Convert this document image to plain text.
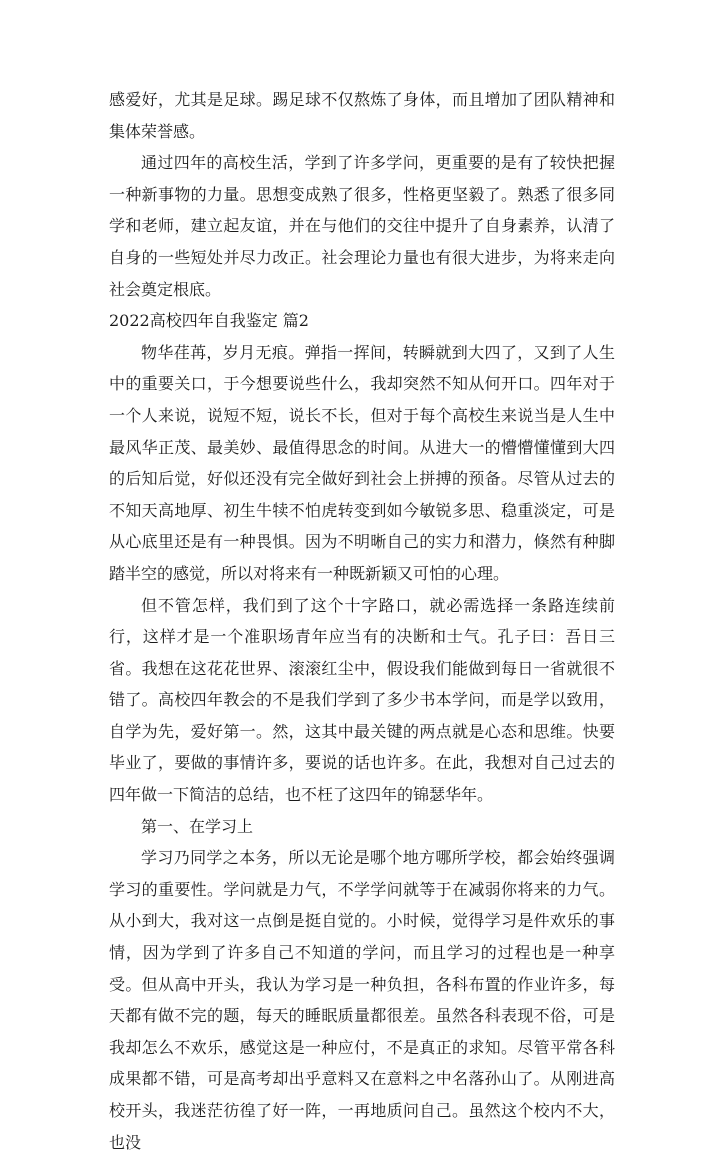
感爱好，尤其是足球。踢足球不仅熬炼了身体，而且增加了团队精神和集体荣誉感。

通过四年的高校生活，学到了许多学问，更重要的是有了较快把握一种新事物的力量。思想变成熟了很多，性格更坚毅了。熟悉了很多同学和老师，建立起友谊，并在与他们的交往中提升了自身素养，认清了自身的一些短处并尽力改正。社会理论力量也有很大进步，为将来走向社会奠定根底。

2022高校四年自我鉴定 篇2

物华荏苒，岁月无痕。弹指一挥间，转瞬就到大四了，又到了人生中的重要关口，于今想要说些什么，我却突然不知从何开口。四年对于一个人来说，说短不短，说长不长，但对于每个高校生来说当是人生中最风华正茂、最美妙、最值得思念的时间。从进大一的懵懵懂懂到大四的后知后觉，好似还没有完全做好到社会上拼搏的预备。尽管从过去的不知天高地厚、初生牛犊不怕虎转变到如今敏锐多思、稳重淡定，可是从心底里还是有一种畏惧。因为不明晰自己的实力和潜力，倏然有种脚踏半空的感觉，所以对将来有一种既新颖又可怕的心理。

但不管怎样，我们到了这个十字路口，就必需选择一条路连续前行，这样才是一个准职场青年应当有的决断和士气。孔子曰：吾日三省。我想在这花花世界、滚滚红尘中，假设我们能做到每日一省就很不错了。高校四年教会的不是我们学到了多少书本学问，而是学以致用，自学为先，爱好第一。然，这其中最关键的两点就是心态和思维。快要毕业了，要做的事情许多，要说的话也许多。在此，我想对自己过去的四年做一下简洁的总结，也不枉了这四年的锦瑟华年。

第一、在学习上

学习乃同学之本务，所以无论是哪个地方哪所学校，都会始终强调学习的重要性。学问就是力气，不学学问就等于在减弱你将来的力气。从小到大，我对这一点倒是挺自觉的。小时候，觉得学习是件欢乐的事情，因为学到了许多自己不知道的学问，而且学习的过程也是一种享受。但从高中开头，我认为学习是一种负担，各科布置的作业许多，每天都有做不完的题，每天的睡眠质量都很差。虽然各科表现不俗，可是我却怎么不欢乐，感觉这是一种应付，不是真正的求知。尽管平常各科成果都不错，可是高考却出乎意料又在意料之中名落孙山了。从刚进高校开头，我迷茫彷徨了好一阵，一再地质问自己。虽然这个校内不大，也没
